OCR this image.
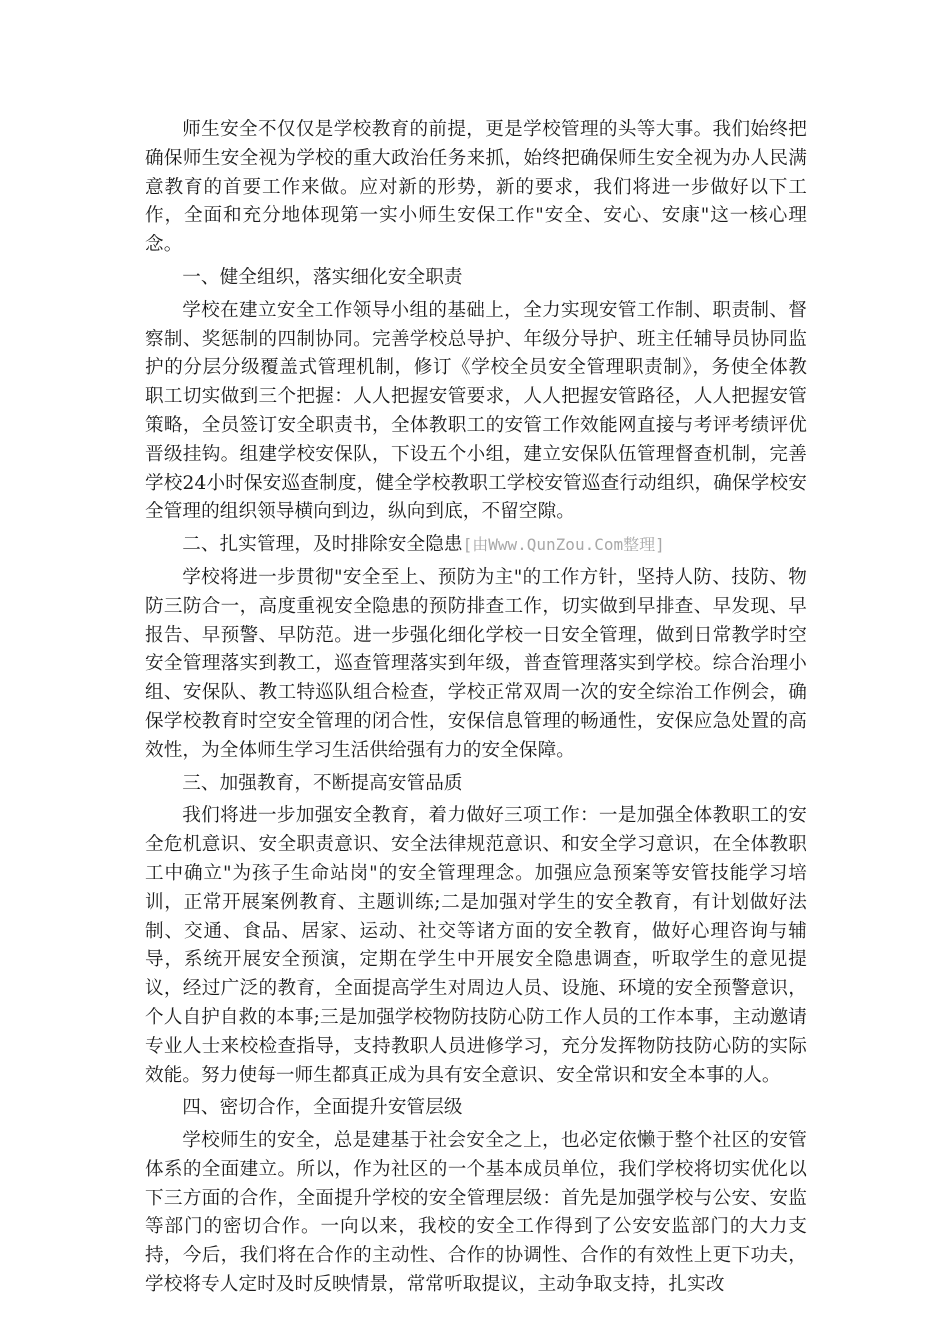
师生安全不仅仅是学校教育的前提，更是学校管理的头等大事。我们始终把确保师生安全视为学校的重大政治任务来抓，始终把确保师生安全视为办人民满意教育的首要工作来做。应对新的形势，新的要求，我们将进一步做好以下工作，全面和充分地体现第一实小师生安保工作"安全、安心、安康"这一核心理念。

一、健全组织，落实细化安全职责

学校在建立安全工作领导小组的基础上，全力实现安管工作制、职责制、督察制、奖惩制的四制协同。完善学校总导护、年级分导护、班主任辅导员协同监护的分层分级覆盖式管理机制，修订《学校全员安全管理职责制》，务使全体教职工切实做到三个把握：人人把握安管要求，人人把握安管路径，人人把握安管策略，全员签订安全职责书，全体教职工的安管工作效能网直接与考评考绩评优晋级挂钩。组建学校安保队，下设五个小组，建立安保队伍管理督查机制，完善学校24小时保安巡查制度，健全学校教职工学校安管巡查行动组织，确保学校安全管理的组织领导横向到边，纵向到底，不留空隙。

二、扎实管理，及时排除安全隐患[由Www.QunZou.Com整理]

学校将进一步贯彻"安全至上、预防为主"的工作方针，坚持人防、技防、物防三防合一，高度重视安全隐患的预防排查工作，切实做到早排查、早发现、早报告、早预警、早防范。进一步强化细化学校一日安全管理，做到日常教学时空安全管理落实到教工，巡查管理落实到年级，普查管理落实到学校。综合治理小组、安保队、教工特巡队组合检查，学校正常双周一次的安全综治工作例会，确保学校教育时空安全管理的闭合性，安保信息管理的畅通性，安保应急处置的高效性，为全体师生学习生活供给强有力的安全保障。

三、加强教育，不断提高安管品质

我们将进一步加强安全教育，着力做好三项工作：一是加强全体教职工的安全危机意识、安全职责意识、安全法律规范意识、和安全学习意识，在全体教职工中确立"为孩子生命站岗"的安全管理理念。加强应急预案等安管技能学习培训，正常开展案例教育、主题训练;二是加强对学生的安全教育，有计划做好法制、交通、食品、居家、运动、社交等诸方面的安全教育，做好心理咨询与辅导，系统开展安全预演，定期在学生中开展安全隐患调查，听取学生的意见提议，经过广泛的教育，全面提高学生对周边人员、设施、环境的安全预警意识，个人自护自救的本事;三是加强学校物防技防心防工作人员的工作本事，主动邀请专业人士来校检查指导，支持教职人员进修学习，充分发挥物防技防心防的实际效能。努力使每一师生都真正成为具有安全意识、安全常识和安全本事的人。

四、密切合作，全面提升安管层级

学校师生的安全，总是建基于社会安全之上，也必定依懒于整个社区的安管体系的全面建立。所以，作为社区的一个基本成员单位，我们学校将切实优化以下三方面的合作，全面提升学校的安全管理层级：首先是加强学校与公安、安监等部门的密切合作。一向以来，我校的安全工作得到了公安安监部门的大力支持，今后，我们将在合作的主动性、合作的协调性、合作的有效性上更下功夫，学校将专人定时及时反映情景，常常听取提议，主动争取支持，扎实改
